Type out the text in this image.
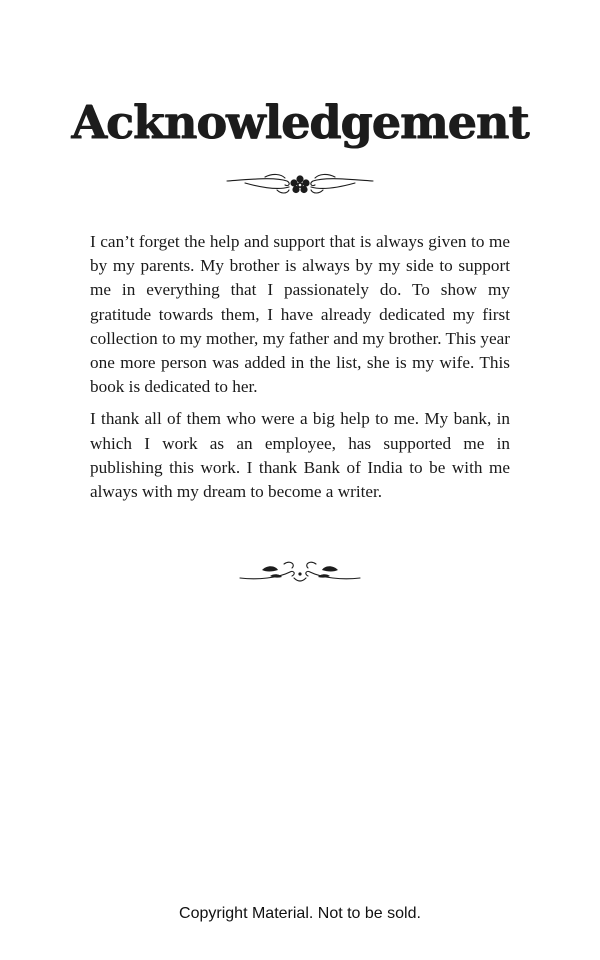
Acknowledgement

I can’t forget the help and support that is always given to me by my parents. My brother is always by my side to support me in everything that I passionately do. To show my gratitude towards them, I have already dedicated my first collection to my mother, my father and my brother. This year one more person was added in the list, she is my wife. This book is dedicated to her.

I thank all of them who were a big help to me. My bank, in which I work as an employee, has supported me in publishing this work. I thank Bank of India to be with me always with my dream to become a writer.

Copyright Material. Not to be sold.
